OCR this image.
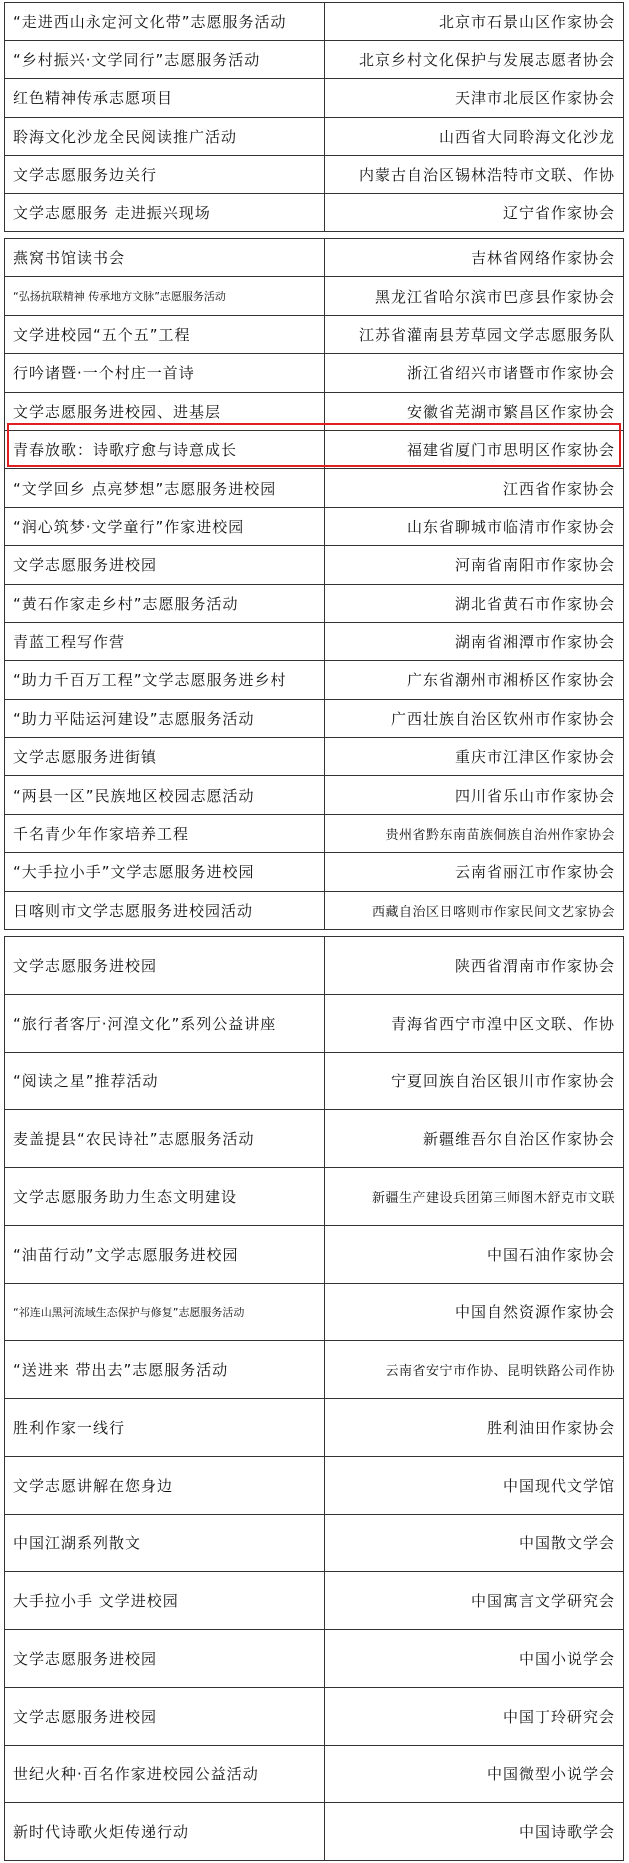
“走进西山永定河文化带”志愿服务活动	北京市石景山区作家协会
“乡村振兴·文学同行”志愿服务活动	北京乡村文化保护与发展志愿者协会
红色精神传承志愿项目	天津市北辰区作家协会
聆海文化沙龙全民阅读推广活动	山西省大同聆海文化沙龙
文学志愿服务边关行	内蒙古自治区锡林浩特市文联、作协
文学志愿服务 走进振兴现场	辽宁省作家协会
燕窝书馆读书会	吉林省网络作家协会
“弘扬抗联精神 传承地方文脉”志愿服务活动	黑龙江省哈尔滨市巴彦县作家协会
文学进校园“五个五”工程	江苏省灌南县芳草园文学志愿服务队
行吟诸暨·一个村庄一首诗	浙江省绍兴市诸暨市作家协会
文学志愿服务进校园、进基层	安徽省芜湖市繁昌区作家协会
青春放歌：诗歌疗愈与诗意成长	福建省厦门市思明区作家协会
“文学回乡 点亮梦想”志愿服务进校园	江西省作家协会
“润心筑梦·文学童行”作家进校园	山东省聊城市临清市作家协会
文学志愿服务进校园	河南省南阳市作家协会
“黄石作家走乡村”志愿服务活动	湖北省黄石市作家协会
青蓝工程写作营	湖南省湘潭市作家协会
“助力千百万工程”文学志愿服务进乡村	广东省潮州市湘桥区作家协会
“助力平陆运河建设”志愿服务活动	广西壮族自治区钦州市作家协会
文学志愿服务进街镇	重庆市江津区作家协会
“两县一区”民族地区校园志愿活动	四川省乐山市作家协会
千名青少年作家培养工程	贵州省黔东南苗族侗族自治州作家协会
“大手拉小手”文学志愿服务进校园	云南省丽江市作家协会
日喀则市文学志愿服务进校园活动	西藏自治区日喀则市作家民间文艺家协会
文学志愿服务进校园	陕西省渭南市作家协会
“旅行者客厅·河湟文化”系列公益讲座	青海省西宁市湟中区文联、作协
“阅读之星”推荐活动	宁夏回族自治区银川市作家协会
麦盖提县“农民诗社”志愿服务活动	新疆维吾尔自治区作家协会
文学志愿服务助力生态文明建设	新疆生产建设兵团第三师图木舒克市文联
“油苗行动”文学志愿服务进校园	中国石油作家协会
“祁连山黑河流域生态保护与修复”志愿服务活动	中国自然资源作家协会
“送进来 带出去”志愿服务活动	云南省安宁市作协、昆明铁路公司作协
胜利作家一线行	胜利油田作家协会
文学志愿讲解在您身边	中国现代文学馆
中国江湖系列散文	中国散文学会
大手拉小手 文学进校园	中国寓言文学研究会
文学志愿服务进校园	中国小说学会
文学志愿服务进校园	中国丁玲研究会
世纪火种·百名作家进校园公益活动	中国微型小说学会
新时代诗歌火炬传递行动	中国诗歌学会
